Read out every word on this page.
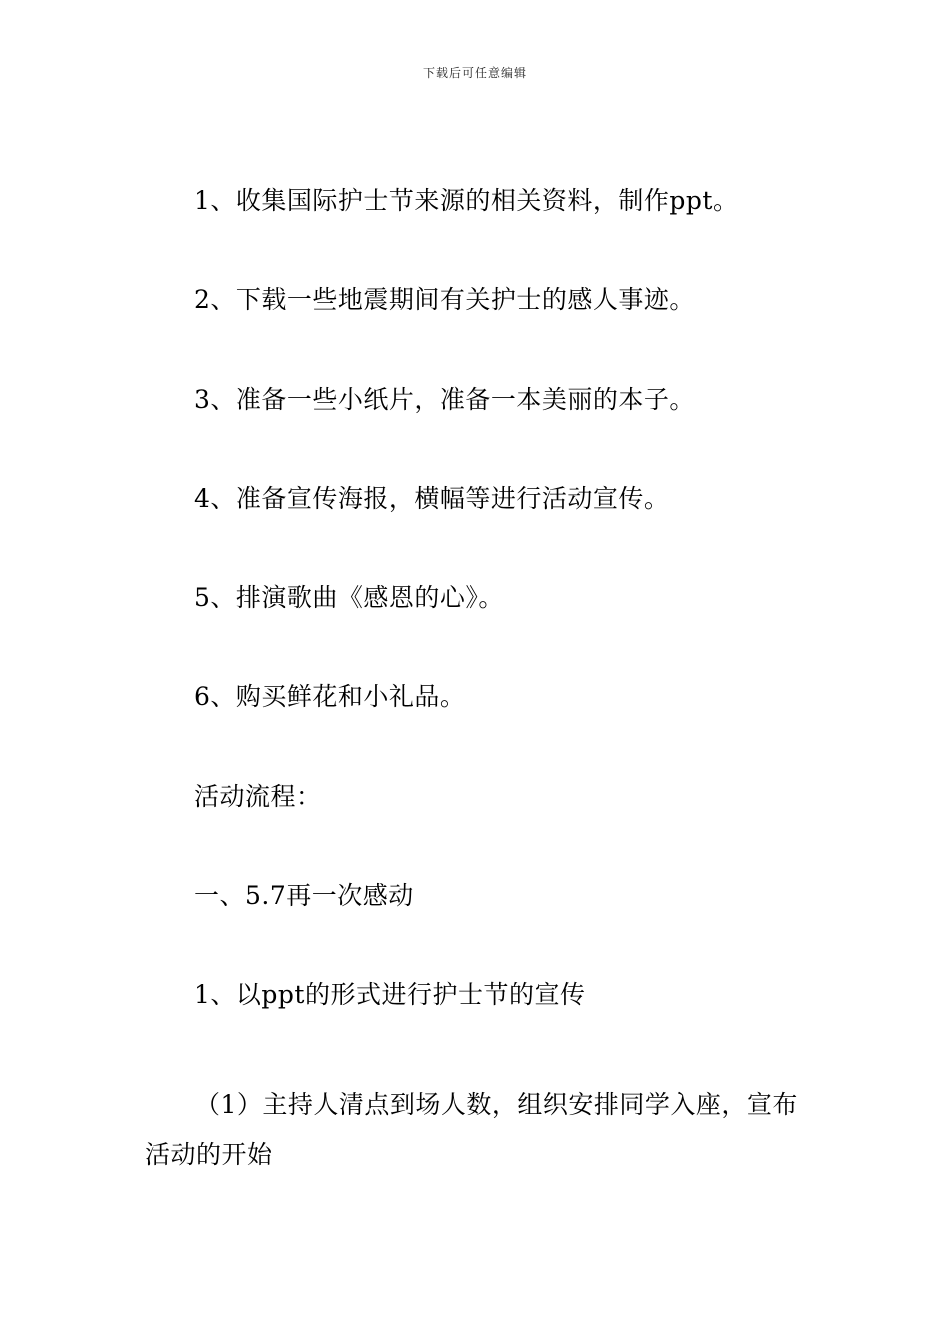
下载后可任意编辑
1、收集国际护士节来源的相关资料，制作ppt。
2、下载一些地震期间有关护士的感人事迹。
3、准备一些小纸片，准备一本美丽的本子。
4、准备宣传海报，横幅等进行活动宣传。
5、排演歌曲《感恩的心》。
6、购买鲜花和小礼品。
活动流程：
一、5.7再一次感动
1、以ppt的形式进行护士节的宣传
（1）主持人清点到场人数，组织安排同学入座，宣布
活动的开始
